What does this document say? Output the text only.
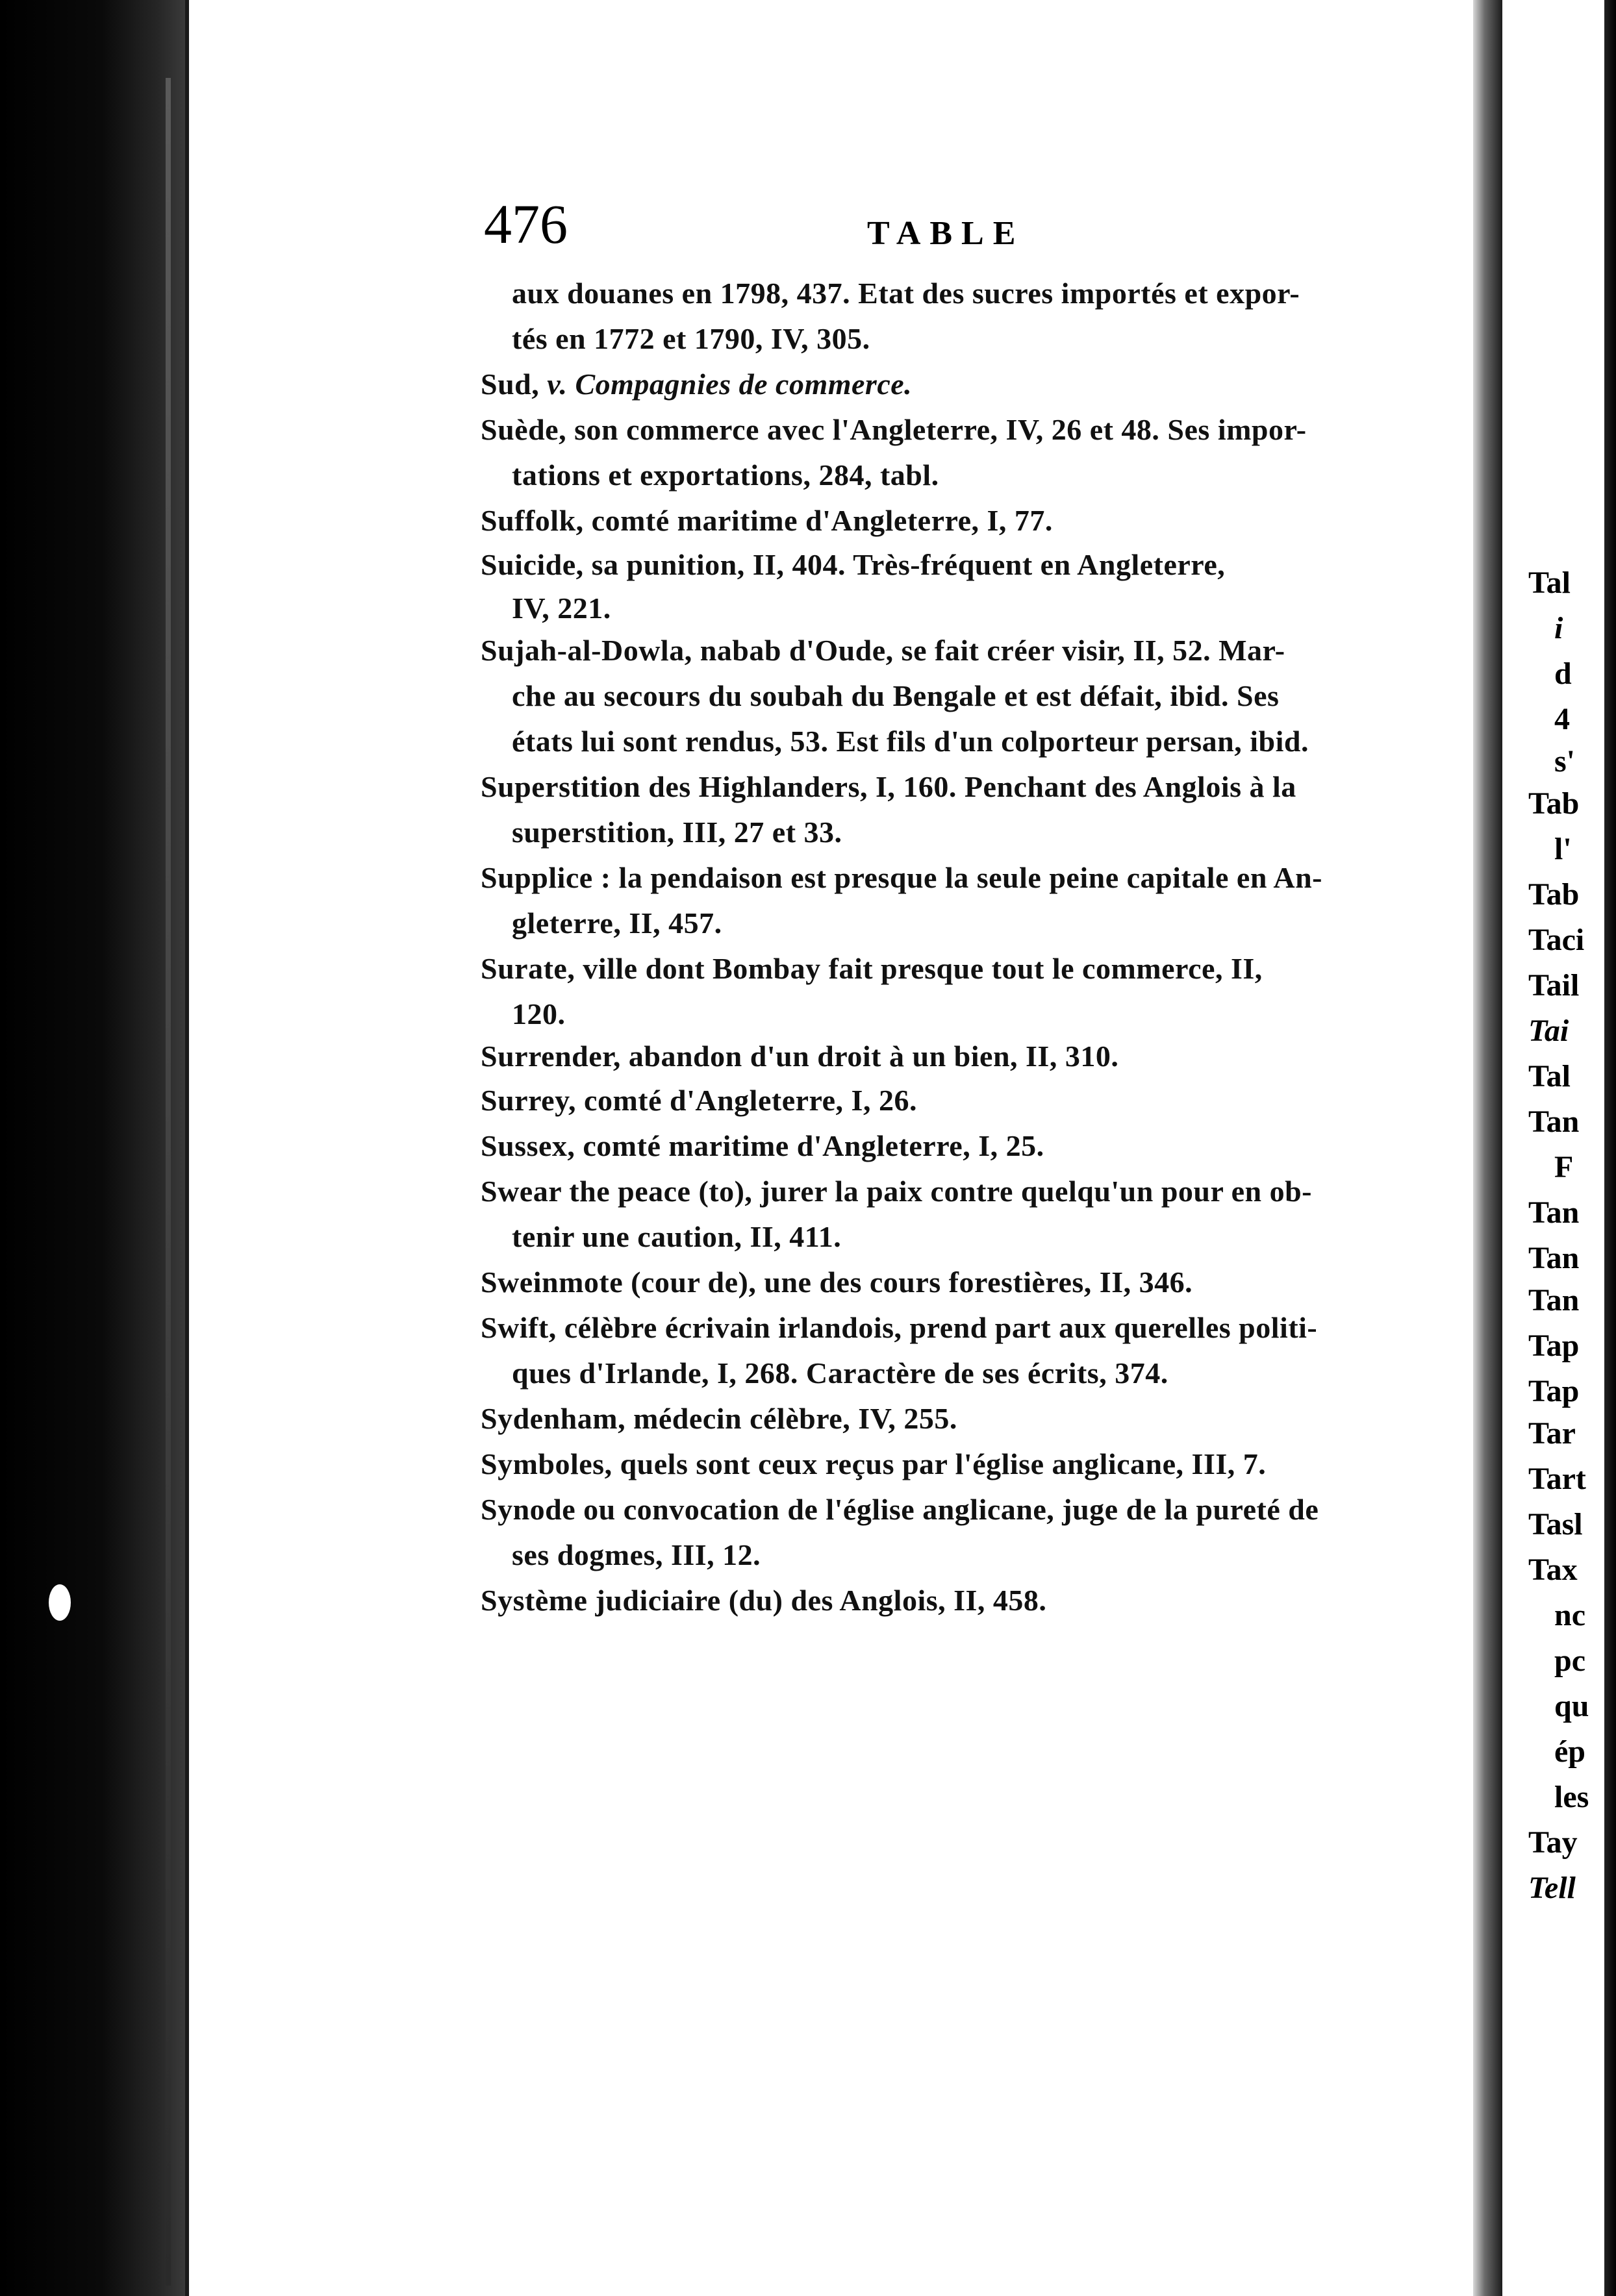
476	TABLE
aux douanes en 1798, 437. Etat des sucres importés et expor-
tés en 1772 et 1790, IV, 305.
Sud, v. Compagnies de commerce.
Suède, son commerce avec l'Angleterre, IV, 26 et 48. Ses impor-
tations et exportations, 284, tabl.
Suffolk, comté maritime d'Angleterre, I, 77.
Suicide, sa punition, II, 404. Très-fréquent en Angleterre,
IV, 221.
Sujah-al-Dowla, nabab d'Oude, se fait créer visir, II, 52. Mar-
che au secours du soubah du Bengale et est défait, ibid. Ses
états lui sont rendus, 53. Est fils d'un colporteur persan, ibid.
Superstition des Highlanders, I, 160. Penchant des Anglois à la
superstition, III, 27 et 33.
Supplice : la pendaison est presque la seule peine capitale en An-
gleterre, II, 457.
Surate, ville dont Bombay fait presque tout le commerce, II,
120.
Surrender, abandon d'un droit à un bien, II, 310.
Surrey, comté d'Angleterre, I, 26.
Sussex, comté maritime d'Angleterre, I, 25.
Swear the peace (to), jurer la paix contre quelqu'un pour en ob-
tenir une caution, II, 411.
Sweinmote (cour de), une des cours forestières, II, 346.
Swift, célèbre écrivain irlandois, prend part aux querelles politi-
ques d'Irlande, I, 268. Caractère de ses écrits, 374.
Sydenham, médecin célèbre, IV, 255.
Symboles, quels sont ceux reçus par l'église anglicane, III, 7.
Synode ou convocation de l'église anglicane, juge de la pureté de
ses dogmes, III, 12.
Système judiciaire (du) des Anglois, II, 458.
Tal
i
d
4
s'
Tab
l'
Tab
Taci
Tail
Tai
Tal
Tan
F
Tan
Tan
Tan
Tap
Tap
Tar
Tart
Tasl
Tax
nc
pc
qu
ép
les
Tay
Tell
